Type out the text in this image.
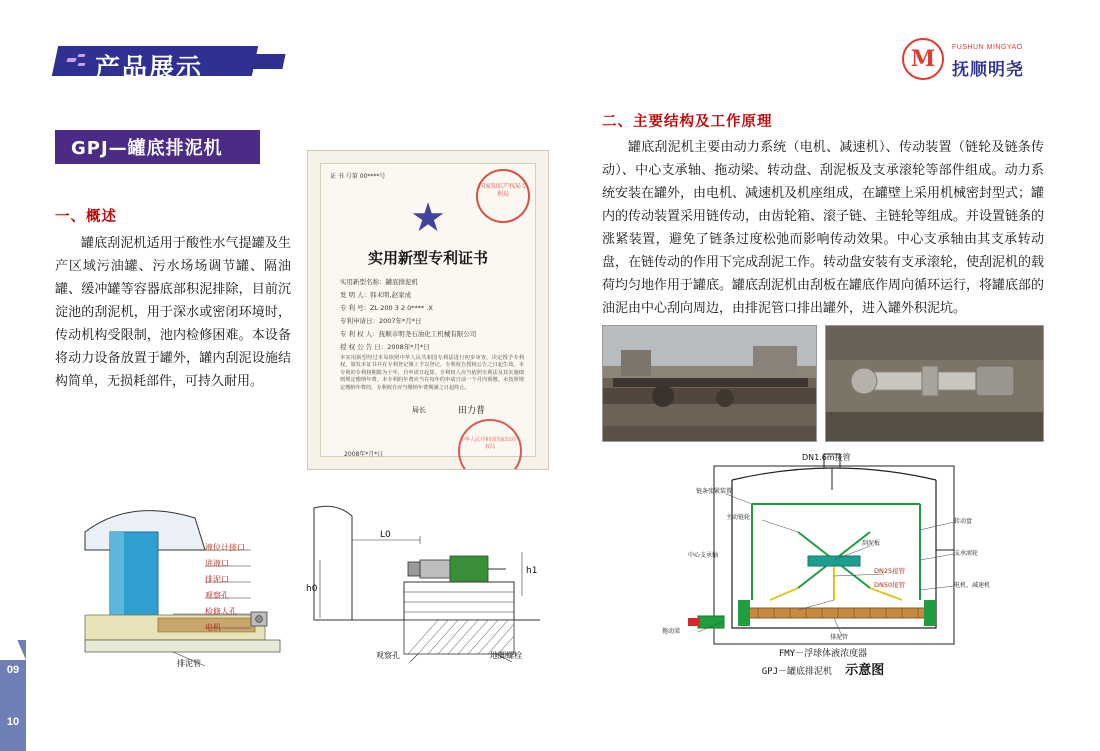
09
10
产品展示	M FUSHUN MINGYAO
抚顺明尧
GPJ—罐底排泥机
一、概述
罐底刮泥机适用于酸性水气提罐及生产区域污油罐、污水场场调节罐、隔油罐、缓冲罐等容器底部积泥排除，目前沉淀池的刮泥机，用于深水或密闭环境时，传动机构受限制，池内检修困难。本设备将动力设备放置于罐外，罐内刮泥设施结构简单，无损耗部件，可持久耐用。
二、主要结构及工作原理
罐底刮泥机主要由动力系统（电机、减速机）、传动装置（链轮及链条传动）、中心支承轴、拖动梁、转动盘、刮泥板及支承滚轮等部件组成。动力系统安装在罐外，由电机、减速机及机座组成，在罐壁上采用机械密封型式；罐内的传动装置采用链传动，由齿轮箱、滚子链、主链轮等组成。并设置链条的涨紧装置，避免了链条过度松弛而影响传动效果。中心支承轴由其支承转动盘，在链传动的作用下完成刮泥工作。转动盘安装有支承滚轮，使刮泥机的载荷均匀地作用于罐底。罐底刮泥机由刮板在罐底作周向循环运行，将罐底部的油泥由中心刮向周边，由排泥管口排出罐外，进入罐外积泥坑。
证 书 号第 00****号
国家知识产权局专利局
★
实用新型专利证书
实用新型名称：罐底排泥机
发 明 人：韩术明,赵家成
专 利 号：ZL 200 3 2 0**** .X
专利申请日：2007年*月*日
专 利 权 人：抚顺市明尧石油化工机械有限公司
授 权 公 告 日：2008年*月*日
本实用新型经过本局依照中华人民共和国专利法进行初步审查，决定授予专利权，颁发本证书并在专利登记簿上予以登记。专利权自授权公告之日起生效。本专利的专利权期限为十年，自申请日起算。专利权人应当依照专利法及其实施细则规定缴纳年费。本专利的年费应当在每年的申请日前一个月内预缴。未按照规定缴纳年费的，专利权自应当缴纳年费期满之日起终止。
局长	田力普
中华人民共和国国家知识产权局
2008年*月*日
液位计接口
进液口
排泥口
观察孔
检修人孔
电机
排泥管
L0
h1
h0
观察孔	地脚螺栓
DN1.6m接管
链条张紧装置
主动链轮
刮泥板
中心支承轴
DN25接管
DN50接管
转动盘
支承滚轮
电机、减速机
拖动梁
排泥管
FMY－浮球体液浓度器
GPJ－罐底排泥机 示意图
